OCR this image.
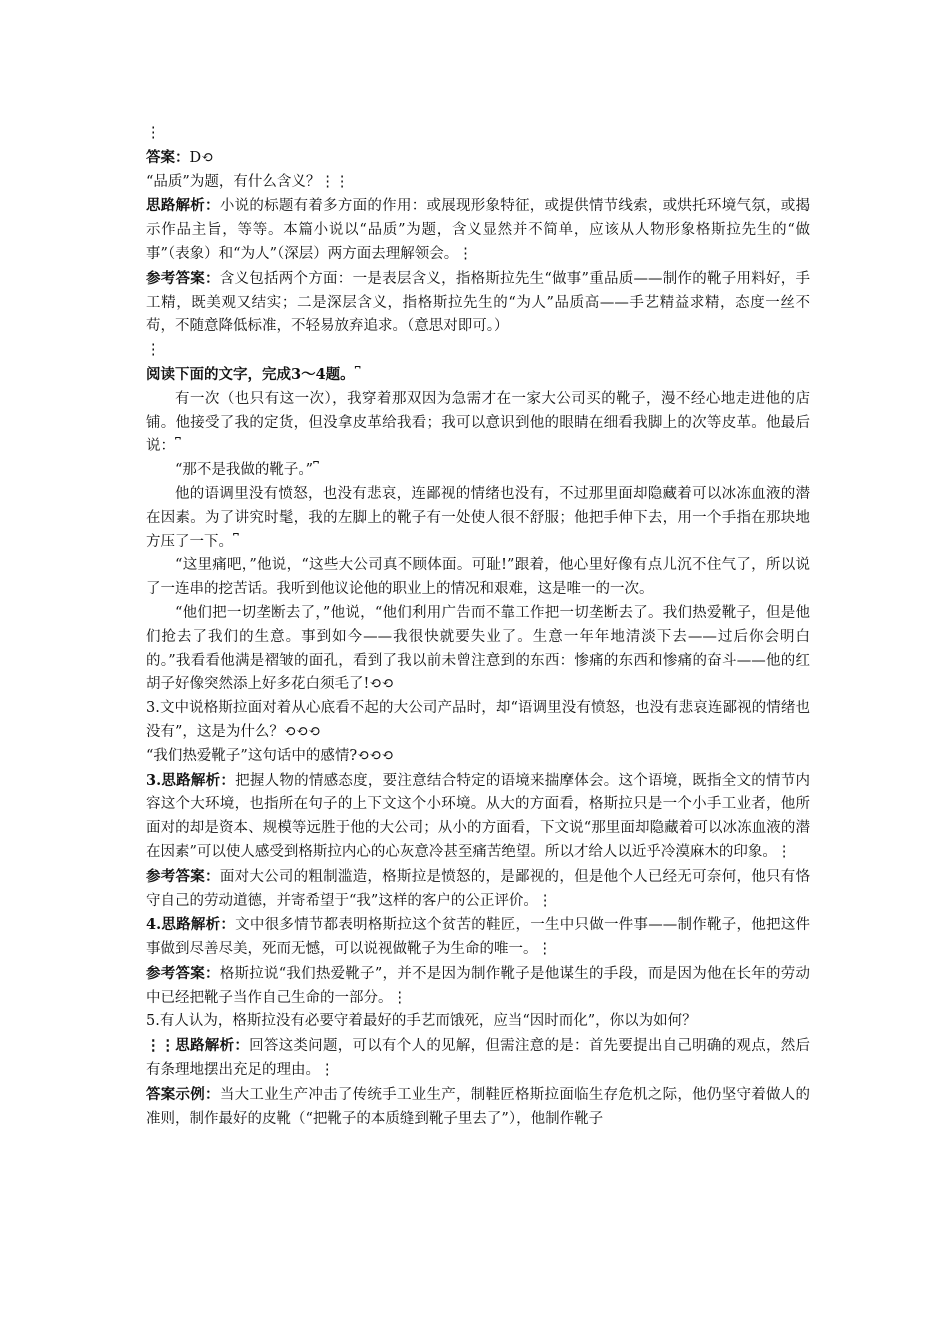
⋮

答案：D⟲

“品质”为题，有什么含义？⋮⋮

思路解析：小说的标题有着多方面的作用：或展现形象特征，或提供情节线索，或烘托环境气氛，或揭示作品主旨，等等。本篇小说以“品质”为题，含义显然并不简单，应该从人物形象格斯拉先生的“做事”（表象）和“为人”（深层）两方面去理解领会。⋮

参考答案：含义包括两个方面：一是表层含义，指格斯拉先生“做事”重品质——制作的靴子用料好，手工精，既美观又结实；二是深层含义，指格斯拉先生的“为人”品质高——手艺精益求精，态度一丝不苟，不随意降低标准，不轻易放弃追求。（意思对即可。）

⋮

阅读下面的文字，完成3～4题。⎴

有一次（也只有这一次），我穿着那双因为急需才在一家大公司买的靴子，漫不经心地走进他的店铺。他接受了我的定货，但没拿皮革给我看；我可以意识到他的眼睛在细看我脚上的次等皮革。他最后说：⎴

“那不是我做的靴子。”⎴

他的语调里没有愤怒，也没有悲哀，连鄙视的情绪也没有，不过那里面却隐藏着可以冰冻血液的潜在因素。为了讲究时髦，我的左脚上的靴子有一处使人很不舒服；他把手伸下去，用一个手指在那块地方压了一下。⎴

“这里痛吧，”他说，“这些大公司真不顾体面。可耻!”跟着，他心里好像有点儿沉不住气了，所以说了一连串的挖苦话。我听到他议论他的职业上的情况和艰难，这是唯一的一次。

“他们把一切垄断去了，”他说，“他们利用广告而不靠工作把一切垄断去了。我们热爱靴子，但是他们抢去了我们的生意。事到如今——我很快就要失业了。生意一年年地清淡下去——过后你会明白的。”我看看他满是褶皱的面孔，看到了我以前未曾注意到的东西：惨痛的东西和惨痛的奋斗——他的红胡子好像突然添上好多花白须毛了!⟲⟲

3.文中说格斯拉面对着从心底看不起的大公司产品时，却“语调里没有愤怒，也没有悲哀连鄙视的情绪也没有”，这是为什么？⟲⟲⟲

“我们热爱靴子”这句话中的感情?⟲⟲⟲

3.思路解析：把握人物的情感态度，要注意结合特定的语境来揣摩体会。这个语境，既指全文的情节内容这个大环境，也指所在句子的上下文这个小环境。从大的方面看，格斯拉只是一个小手工业者，他所面对的却是资本、规模等远胜于他的大公司；从小的方面看，下文说“那里面却隐藏着可以冰冻血液的潜在因素”可以使人感受到格斯拉内心的心灰意冷甚至痛苦绝望。所以才给人以近乎冷漠麻木的印象。⋮

参考答案：面对大公司的粗制滥造，格斯拉是愤怒的，是鄙视的，但是他个人已经无可奈何，他只有恪守自己的劳动道德，并寄希望于“我”这样的客户的公正评价。⋮

4.思路解析：文中很多情节都表明格斯拉这个贫苦的鞋匠，一生中只做一件事——制作靴子，他把这件事做到尽善尽美，死而无憾，可以说视做靴子为生命的唯一。⋮

参考答案：格斯拉说“我们热爱靴子”，并不是因为制作靴子是他谋生的手段，而是因为他在长年的劳动中已经把靴子当作自己生命的一部分。⋮

5.有人认为，格斯拉没有必要守着最好的手艺而饿死，应当“因时而化”，你以为如何？

⋮⋮思路解析：回答这类问题，可以有个人的见解，但需注意的是：首先要提出自己明确的观点，然后有条理地摆出充足的理由。⋮

答案示例：当大工业生产冲击了传统手工业生产，制鞋匠格斯拉面临生存危机之际，他仍坚守着做人的准则，制作最好的皮靴（“把靴子的本质缝到靴子里去了”），他制作靴子
